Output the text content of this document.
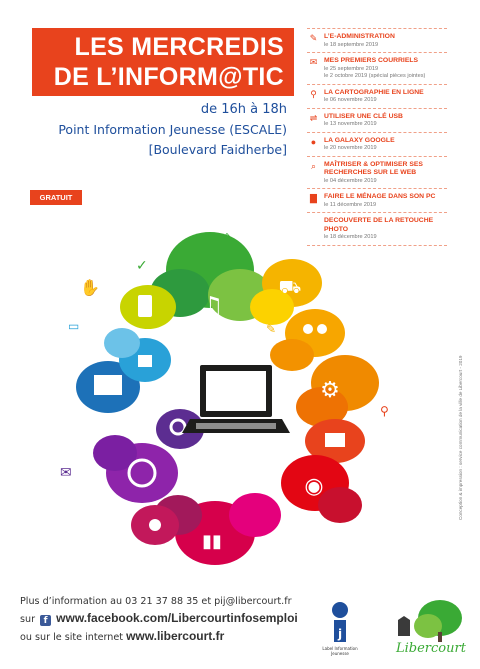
LES MERCREDIS
DE L’INFORM@TIC
de 16h à 18h
Point Information Jeunesse (ESCALE)
[Boulevard Faidherbe]
GRATUIT
✎ L’E-ADMINISTRATION
le 18 septembre 2019
✉ MES PREMIERS COURRIELS
le 25 septembre 2019
le 2 octobre 2019 (spécial pièces jointes)
⚲	LA CARTOGRAPHIE EN LIGNE
le 06 novembre 2019
⇌ UTILISER UNE CLÉ USB
le 13 novembre 2019
●	LA GALAXY GOOGLE
le 20 novembre 2019
⌕	MAÎTRISER & OPTIMISER SES RECHERCHES SUR LE WEB
le 04 décembre 2019
▇	FAIRE LE MÉNAGE DANS SON PC
le 11 décembre 2019
DECOUVERTE DE LA RETOUCHE PHOTO
le 18 décembre 2019
♫
⛟
⚙
◉
▮▮
✋
✓
⌂
✎
⚲
✉
▭
Conception & impression : service communication de la ville de Libercourt - 2019
Plus d’information au 03 21 37 88 35 et pij@libercourt.fr
sur f www.facebook.com/Libercourtinfosemploi
ou sur le site internet www.libercourt.fr	j
Label Information
Jeunesse	Libercourt
